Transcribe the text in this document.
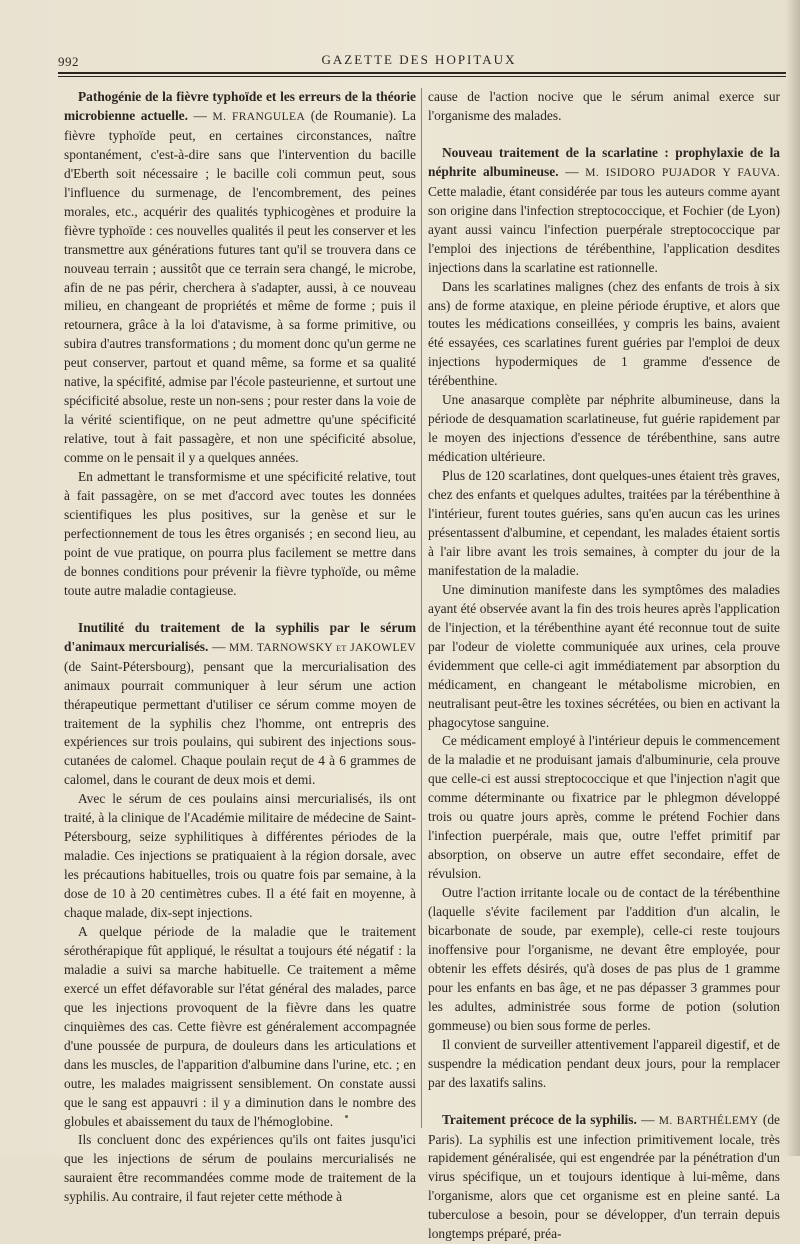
992	GAZETTE DES HOPITAUX

Pathogénie de la fièvre typhoïde et les erreurs de la théorie microbienne actuelle. — M. FRANGULEA (de Roumanie). La fièvre typhoïde peut, en certaines circonstances, naître spontanément, c'est-à-dire sans que l'intervention du bacille d'Eberth soit nécessaire ; le bacille coli commun peut, sous l'influence du surmenage, de l'encombrement, des peines morales, etc., acquérir des qualités typhicogènes et produire la fièvre typhoïde : ces nouvelles qualités il peut les conserver et les transmettre aux générations futures tant qu'il se trouvera dans ce nouveau terrain ; aussitôt que ce terrain sera changé, le microbe, afin de ne pas périr, cherchera à s'adapter, aussi, à ce nouveau milieu, en changeant de propriétés et même de forme ; puis il retournera, grâce à la loi d'atavisme, à sa forme primitive, ou subira d'autres transformations ; du moment donc qu'un germe ne peut conserver, partout et quand même, sa forme et sa qualité native, la spécifité, admise par l'école pasteurienne, et surtout une spécificité absolue, reste un non-sens ; pour rester dans la voie de la vérité scientifique, on ne peut admettre qu'une spécificité relative, tout à fait passagère, et non une spécificité absolue, comme on le pensait il y a quelques années.

En admettant le transformisme et une spécificité relative, tout à fait passagère, on se met d'accord avec toutes les données scientifiques les plus positives, sur la genèse et sur le perfectionnement de tous les êtres organisés ; en second lieu, au point de vue pratique, on pourra plus facilement se mettre dans de bonnes conditions pour prévenir la fièvre typhoïde, ou même toute autre maladie contagieuse.

Inutilité du traitement de la syphilis par le sérum d'animaux mercurialisés. — MM. TARNOWSKY et JAKOWLEV (de Saint-Pétersbourg), pensant que la mercurialisation des animaux pourrait communiquer à leur sérum une action thérapeutique permettant d'utiliser ce sérum comme moyen de traitement de la syphilis chez l'homme, ont entrepris des expériences sur trois poulains, qui subirent des injections sous-cutanées de calomel. Chaque poulain reçut de 4 à 6 grammes de calomel, dans le courant de deux mois et demi.

Avec le sérum de ces poulains ainsi mercurialisés, ils ont traité, à la clinique de l'Académie militaire de médecine de Saint-Pétersbourg, seize syphilitiques à différentes périodes de la maladie. Ces injections se pratiquaient à la région dorsale, avec les précautions habituelles, trois ou quatre fois par semaine, à la dose de 10 à 20 centimètres cubes. Il a été fait en moyenne, à chaque malade, dix-sept injections.

A quelque période de la maladie que le traitement sérothérapique fût appliqué, le résultat a toujours été négatif : la maladie a suivi sa marche habituelle. Ce traitement a même exercé un effet défavorable sur l'état général des malades, parce que les injections provoquent de la fièvre dans les quatre cinquièmes des cas. Cette fièvre est généralement accompagnée d'une poussée de purpura, de douleurs dans les articulations et dans les muscles, de l'apparition d'albumine dans l'urine, etc. ; en outre, les malades maigrissent sensiblement. On constate aussi que le sang est appauvri : il y a diminution dans le nombre des globules et abaissement du taux de l'hémoglobine.

Ils concluent donc des expériences qu'ils ont faites jusqu'ici que les injections de sérum de poulains mercurialisés ne sauraient être recommandées comme mode de traitement de la syphilis. Au contraire, il faut rejeter cette méthode à

cause de l'action nocive que le sérum animal exerce sur l'organisme des malades.

Nouveau traitement de la scarlatine : prophylaxie de la néphrite albumineuse. — M. ISIDORO PUJADOR Y FAUVA. Cette maladie, étant considérée par tous les auteurs comme ayant son origine dans l'infection streptococcique, et Fochier (de Lyon) ayant aussi vaincu l'infection puerpérale streptococcique par l'emploi des injections de térébenthine, l'application desdites injections dans la scarlatine est rationnelle.

Dans les scarlatines malignes (chez des enfants de trois à six ans) de forme ataxique, en pleine période éruptive, et alors que toutes les médications conseillées, y compris les bains, avaient été essayées, ces scarlatines furent guéries par l'emploi de deux injections hypodermiques de 1 gramme d'essence de térébenthine.

Une anasarque complète par néphrite albumineuse, dans la période de desquamation scarlatineuse, fut guérie rapidement par le moyen des injections d'essence de térébenthine, sans autre médication ultérieure.

Plus de 120 scarlatines, dont quelques-unes étaient très graves, chez des enfants et quelques adultes, traitées par la térébenthine à l'intérieur, furent toutes guéries, sans qu'en aucun cas les urines présentassent d'albumine, et cependant, les malades étaient sortis à l'air libre avant les trois semaines, à compter du jour de la manifestation de la maladie.

Une diminution manifeste dans les symptômes des maladies ayant été observée avant la fin des trois heures après l'application de l'injection, et la térébenthine ayant été reconnue tout de suite par l'odeur de violette communiquée aux urines, cela prouve évidemment que celle-ci agit immédiatement par absorption du médicament, en changeant le métabolisme microbien, en neutralisant peut-être les toxines sécrétées, ou bien en activant la phagocytose sanguine.

Ce médicament employé à l'intérieur depuis le commencement de la maladie et ne produisant jamais d'albuminurie, cela prouve que celle-ci est aussi streptococcique et que l'injection n'agit que comme déterminante ou fixatrice par le phlegmon développé trois ou quatre jours après, comme le prétend Fochier dans l'infection puerpérale, mais que, outre l'effet primitif par absorption, on observe un autre effet secondaire, effet de révulsion.

Outre l'action irritante locale ou de contact de la térébenthine (laquelle s'évite facilement par l'addition d'un alcalin, le bicarbonate de soude, par exemple), celle-ci reste toujours inoffensive pour l'organisme, ne devant être employée, pour obtenir les effets désirés, qu'à doses de pas plus de 1 gramme pour les enfants en bas âge, et ne pas dépasser 3 grammes pour les adultes, administrée sous forme de potion (solution gommeuse) ou bien sous forme de perles.

Il convient de surveiller attentivement l'appareil digestif, et de suspendre la médication pendant deux jours, pour la remplacer par des laxatifs salins.

Traitement précoce de la syphilis. — M. BARTHÉLEMY (de Paris). La syphilis est une infection primitivement locale, très rapidement généralisée, qui est engendrée par la pénétration d'un virus spécifique, un et toujours identique à lui-même, dans l'organisme, alors que cet organisme est en pleine santé. La tuberculose a besoin, pour se développer, d'un terrain depuis longtemps préparé, préa-
